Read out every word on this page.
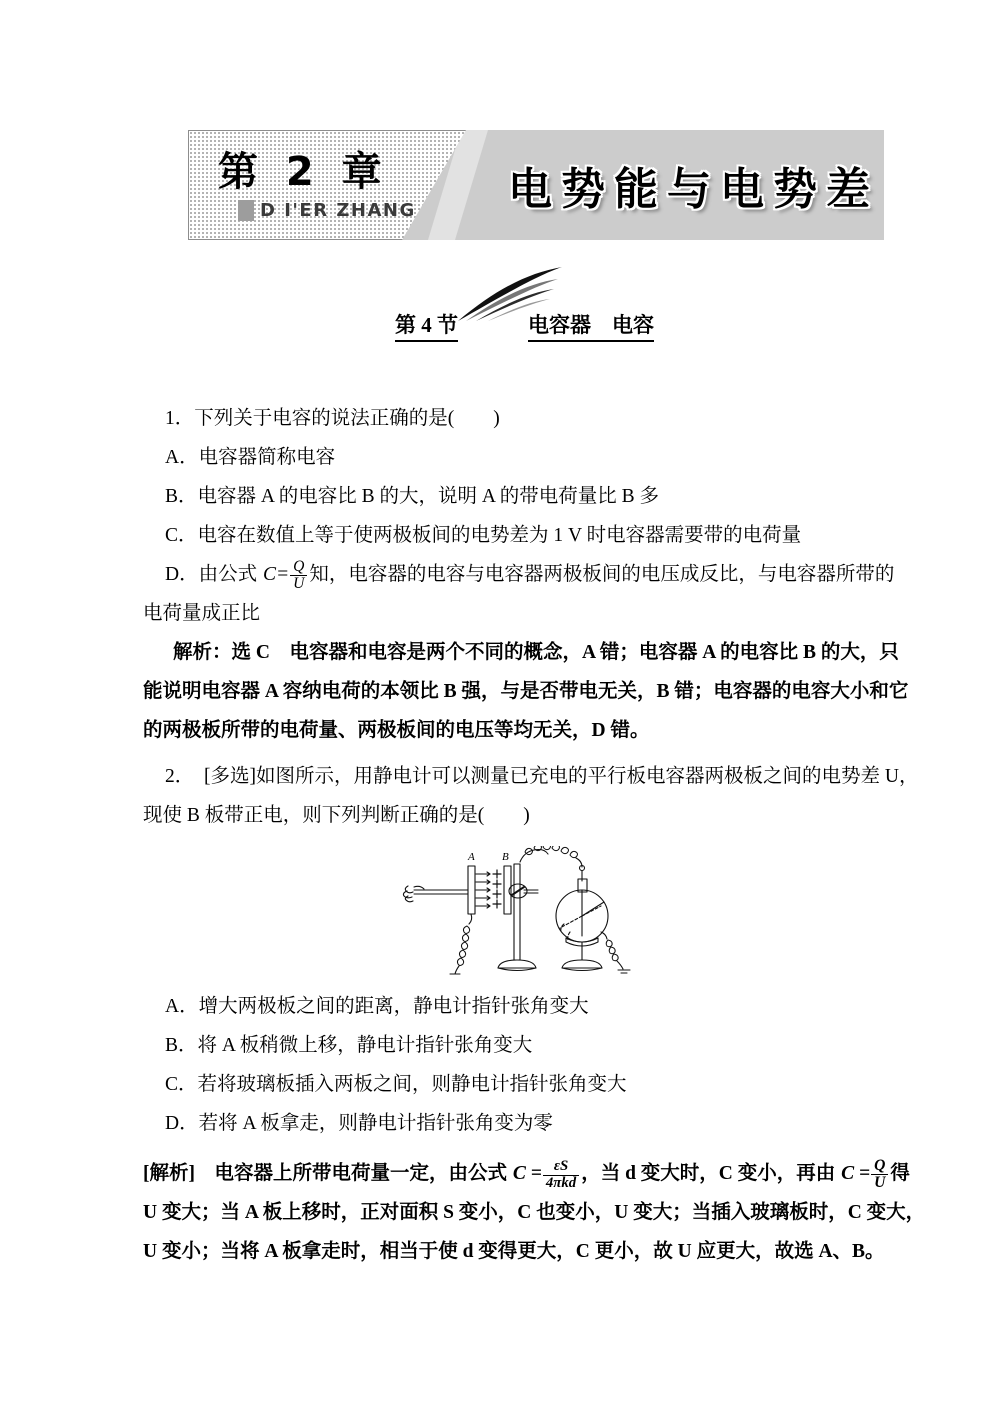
第 2 章
D I'ER ZHANG 电势能与电势差
第 4 节	电容器　电容

1．下列关于电容的说法正确的是(　　)

A．电容器简称电容

B．电容器 A 的电容比 B 的大，说明 A 的带电荷量比 B 多

C．电容在数值上等于使两极板间的电势差为 1 V 时电容器需要带的电荷量

D．由公式 $C= \frac{Q}{U}$ 知，电容器的电容与电容器两极板间的电压成反比，与电容器所带的

电荷量成正比

解析：选 C　电容器和电容是两个不同的概念，A 错；电容器 A 的电容比 B 的大，只

能说明电容器 A 容纳电荷的本领比 B 强，与是否带电无关，B 错；电容器的电容大小和它

的两极板所带的电荷量、两极板间的电压等均无关，D 错。

2．　[多选]如图所示，用静电计可以测量已充电的平行板电容器两极板之间的电势差 U，

现使 B 板带正电，则下列判断正确的是(　　)

A．增大两极板之间的距离，静电计指针张角变大

B．将 A 板稍微上移，静电计指针张角变大

C．若将玻璃板插入两板之间，则静电计指针张角变大

D．若将 A 板拿走，则静电计指针张角变为零

[解析]　电容器上所带电荷量一定，由公式 $C = \frac{\varepsilon S}{\text{4πkd}}$ ，当 d 变大时，C 变小，再由 $C = \frac{Q}{U}$ 得

U 变大；当 A 板上移时，正对面积 S 变小，C 也变小，U 变大；当插入玻璃板时，C 变大，

U 变小；当将 A 板拿走时，相当于使 d 变得更大，C 更小，故 U 应更大，故选 A、B。

A B
